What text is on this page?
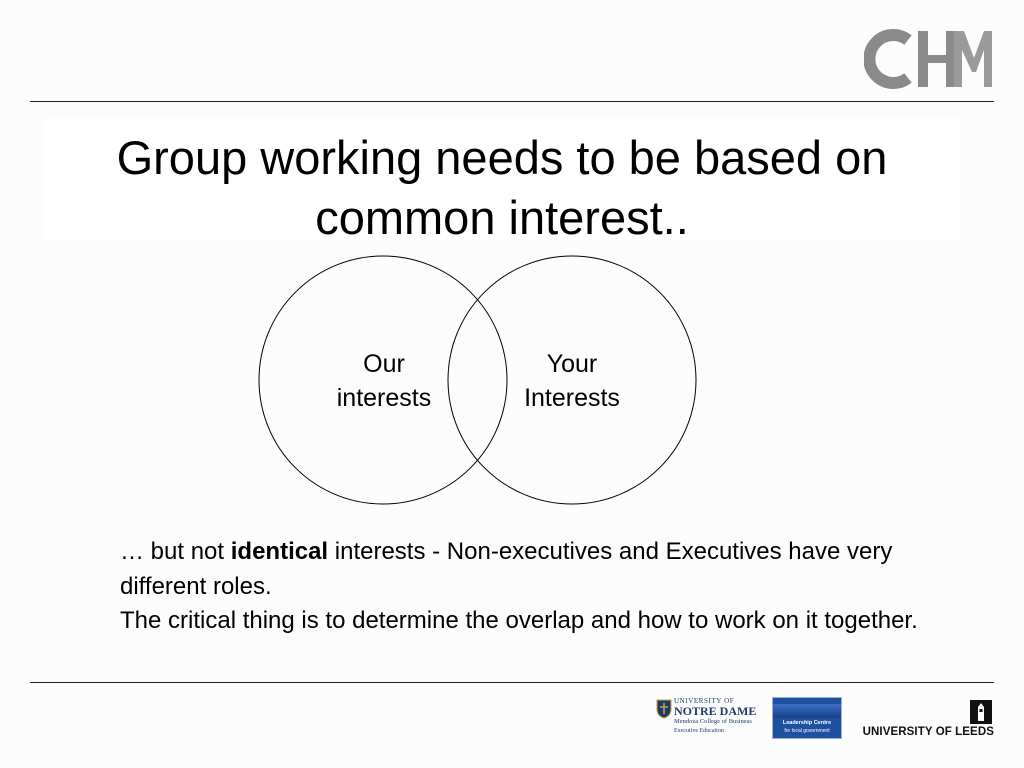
Group working needs to be based on common interest..
Our
interests
Your
Interests

… but not identical interests - Non-executives and Executives have very different roles.

The critical thing is to determine the overlap and how to work on it together.

UNIVERSITY OF
NOTRE DAME
Mendoza College of Business
Executive Education
Leadership Centre
for local government	UNIVERSITY OF LEEDS
